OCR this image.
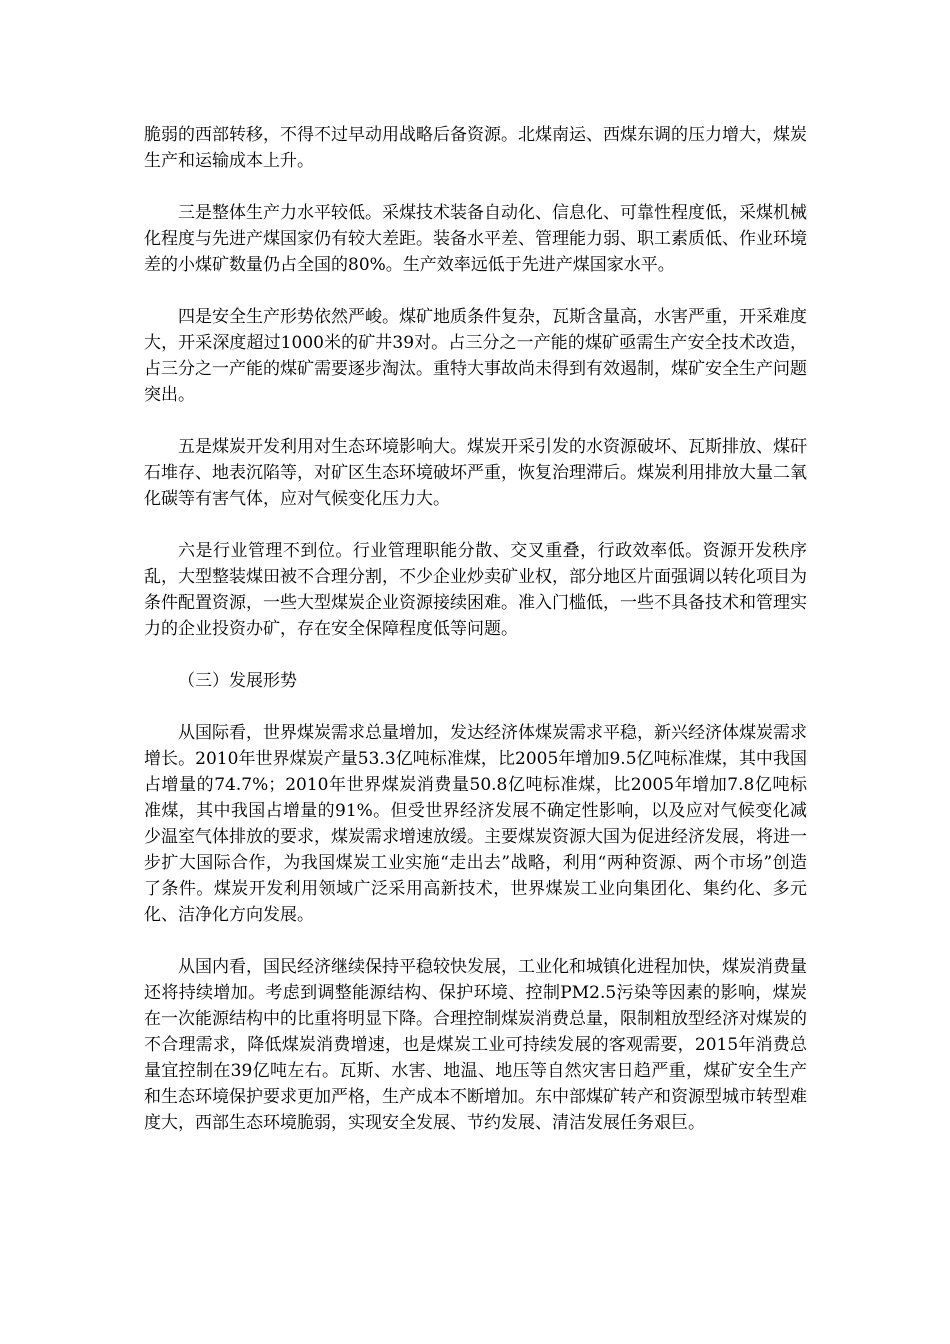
脆弱的西部转移，不得不过早动用战略后备资源。北煤南运、西煤东调的压力增大，煤炭生产和运输成本上升。

三是整体生产力水平较低。采煤技术装备自动化、信息化、可靠性程度低，采煤机械化程度与先进产煤国家仍有较大差距。装备水平差、管理能力弱、职工素质低、作业环境差的小煤矿数量仍占全国的80%。生产效率远低于先进产煤国家水平。

四是安全生产形势依然严峻。煤矿地质条件复杂，瓦斯含量高，水害严重，开采难度大，开采深度超过1000米的矿井39对。占三分之一产能的煤矿亟需生产安全技术改造，占三分之一产能的煤矿需要逐步淘汰。重特大事故尚未得到有效遏制，煤矿安全生产问题突出。

五是煤炭开发利用对生态环境影响大。煤炭开采引发的水资源破坏、瓦斯排放、煤矸石堆存、地表沉陷等，对矿区生态环境破坏严重，恢复治理滞后。煤炭利用排放大量二氧化碳等有害气体，应对气候变化压力大。

六是行业管理不到位。行业管理职能分散、交叉重叠，行政效率低。资源开发秩序乱，大型整装煤田被不合理分割，不少企业炒卖矿业权，部分地区片面强调以转化项目为条件配置资源，一些大型煤炭企业资源接续困难。准入门槛低，一些不具备技术和管理实力的企业投资办矿，存在安全保障程度低等问题。

（三）发展形势

从国际看，世界煤炭需求总量增加，发达经济体煤炭需求平稳，新兴经济体煤炭需求增长。2010年世界煤炭产量53.3亿吨标准煤，比2005年增加9.5亿吨标准煤，其中我国占增量的74.7%；2010年世界煤炭消费量50.8亿吨标准煤，比2005年增加7.8亿吨标准煤，其中我国占增量的91%。但受世界经济发展不确定性影响，以及应对气候变化减少温室气体排放的要求，煤炭需求增速放缓。主要煤炭资源大国为促进经济发展，将进一步扩大国际合作，为我国煤炭工业实施“走出去”战略，利用“两种资源、两个市场”创造了条件。煤炭开发利用领域广泛采用高新技术，世界煤炭工业向集团化、集约化、多元化、洁净化方向发展。

从国内看，国民经济继续保持平稳较快发展，工业化和城镇化进程加快，煤炭消费量还将持续增加。考虑到调整能源结构、保护环境、控制PM2.5污染等因素的影响，煤炭在一次能源结构中的比重将明显下降。合理控制煤炭消费总量，限制粗放型经济对煤炭的不合理需求，降低煤炭消费增速，也是煤炭工业可持续发展的客观需要，2015年消费总量宜控制在39亿吨左右。瓦斯、水害、地温、地压等自然灾害日趋严重，煤矿安全生产和生态环境保护要求更加严格，生产成本不断增加。东中部煤矿转产和资源型城市转型难度大，西部生态环境脆弱，实现安全发展、节约发展、清洁发展任务艰巨。
